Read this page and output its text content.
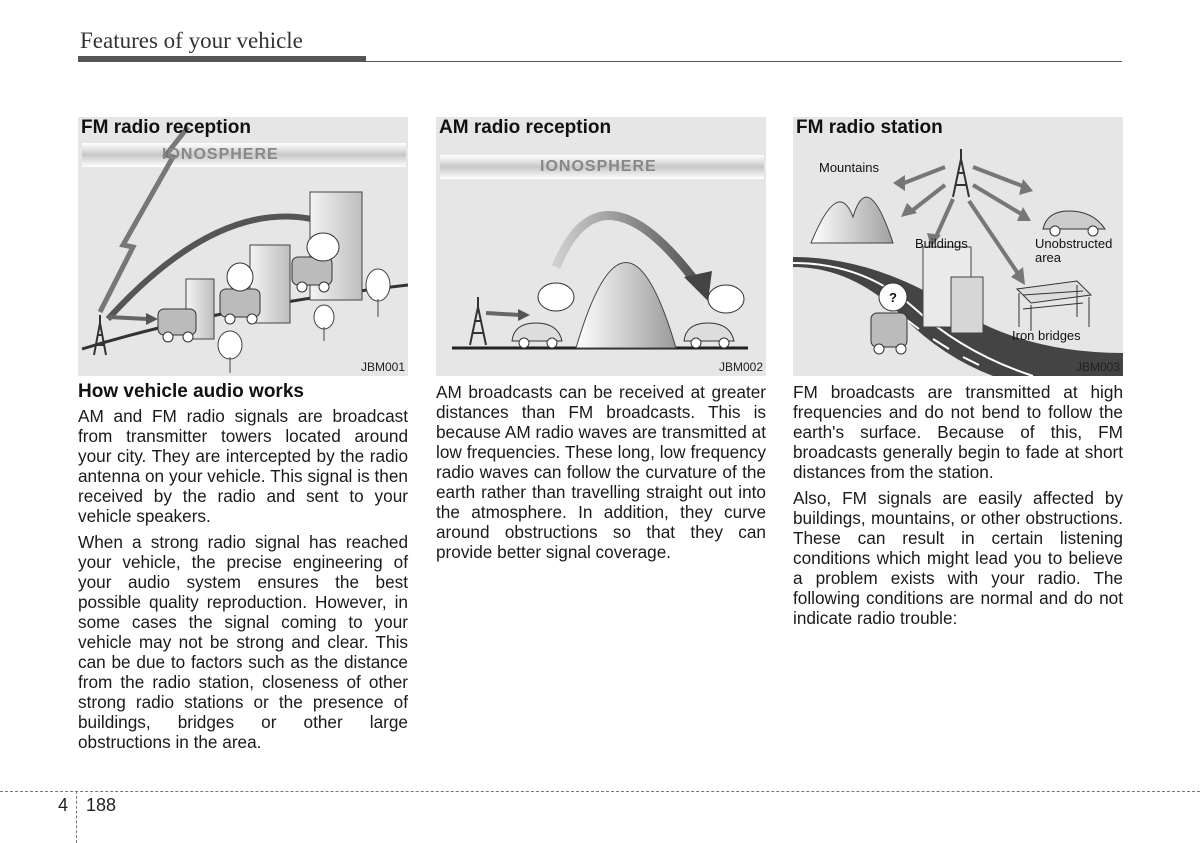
Features of your vehicle
IONOSPHERE
FM radio reception
JBM001
IONOSPHERE
AM radio reception
JBM002
?
Mountains
Buildings	Unobstructed
area
Iron bridges
FM radio station
JBM003
How vehicle audio works

AM and FM radio signals are broadcast from transmitter towers located around your city. They are intercepted by the radio antenna on your vehicle. This signal is then received by the radio and sent to your vehicle speakers.

When a strong radio signal has reached your vehicle, the precise engineering of your audio system ensures the best possible quality reproduction. However, in some cases the signal coming to your vehicle may not be strong and clear. This can be due to factors such as the distance from the radio station, closeness of other strong radio stations or the presence of buildings, bridges or other large obstructions in the area.

AM broadcasts can be received at greater distances than FM broadcasts. This is because AM radio waves are transmitted at low frequencies. These long, low frequency radio waves can follow the curvature of the earth rather than travelling straight out into the atmosphere. In addition, they curve around obstructions so that they can provide better signal coverage.

FM broadcasts are transmitted at high frequencies and do not bend to follow the earth's surface. Because of this, FM broadcasts generally begin to fade at short distances from the station.

Also, FM signals are easily affected by buildings, mountains, or other obstructions. These can result in certain listening conditions which might lead you to believe a problem exists with your radio. The following conditions are normal and do not indicate radio trouble:

4 188
